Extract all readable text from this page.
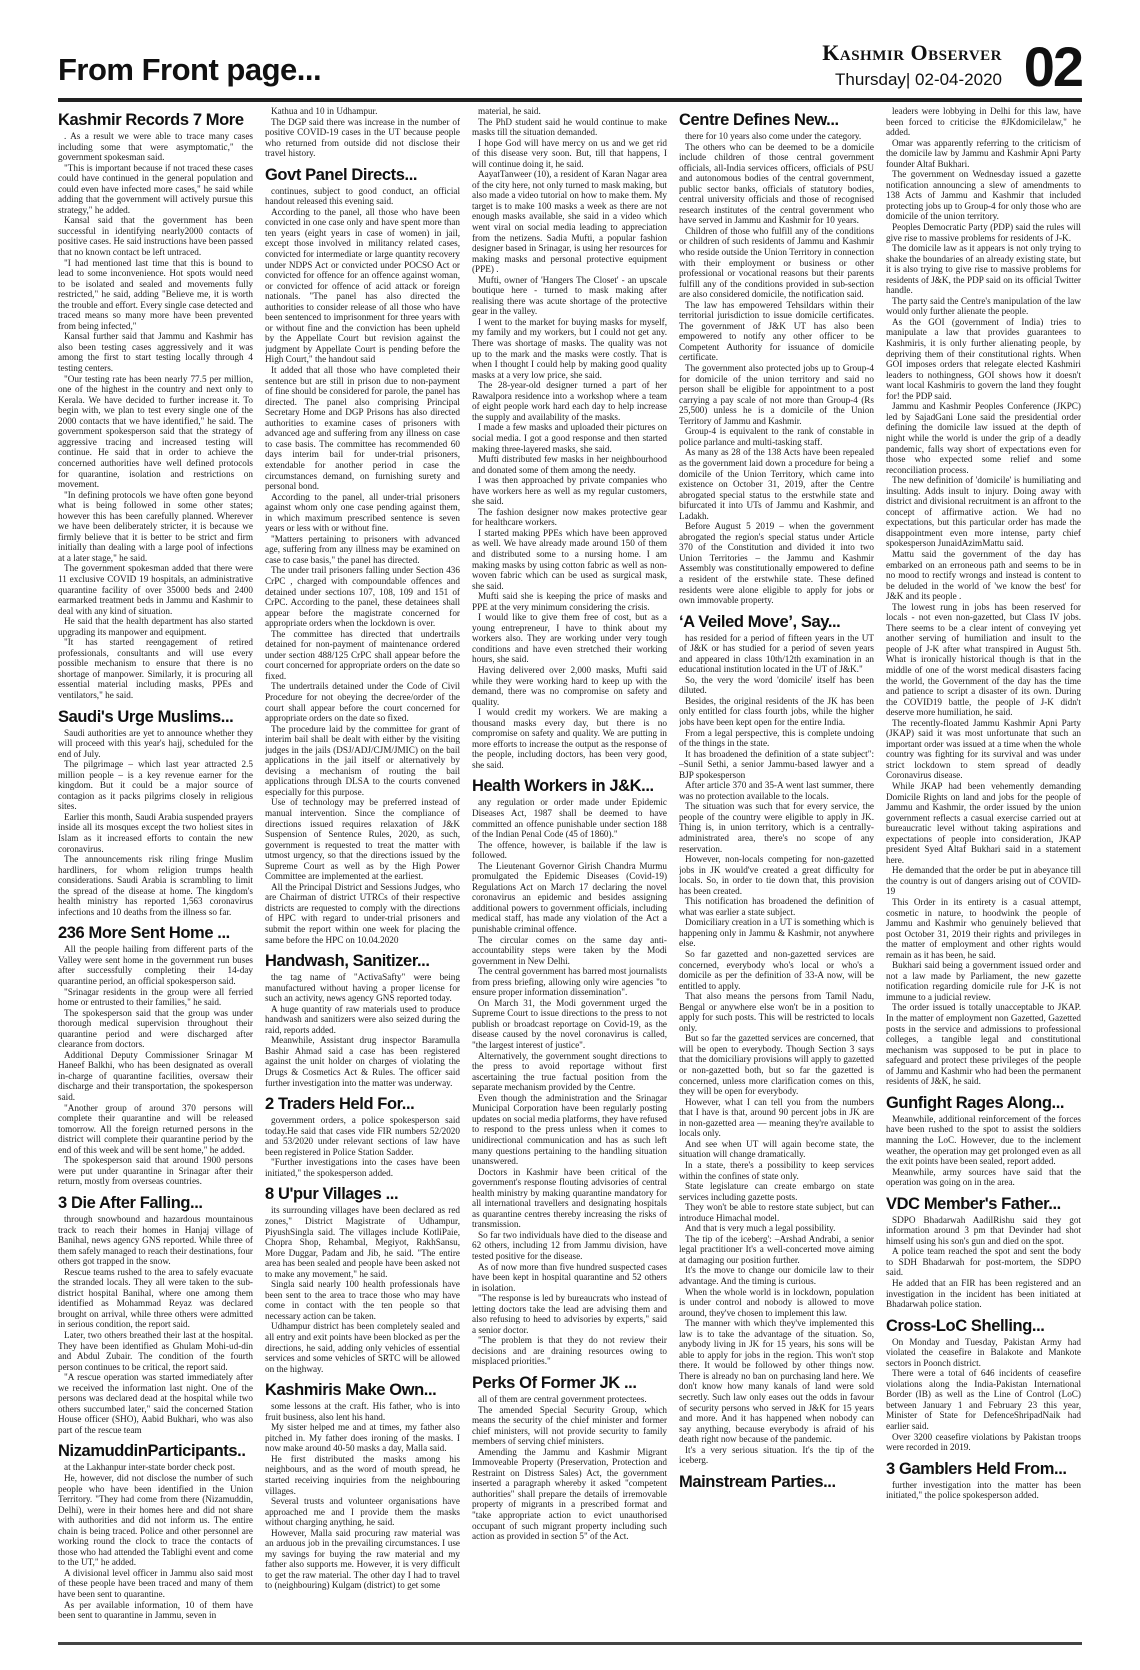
From Front page...	Kashmir Observer
Thursday| 02-04-2020 02
Kashmir Records 7 More

. As a result we were able to trace many cases including some that were asymptomatic," the government spokesman said.

"This is important because if not traced these cases could have continued in the general population and could even have infected more cases," he said while adding that the government will actively pursue this strategy," he added.

Kansal said that the government has been successful in identifying nearly2000 contacts of positive cases. He said instructions have been passed that no known contact be left untraced.

"I had mentioned last time that this is bound to lead to some inconvenience. Hot spots would need to be isolated and sealed and movements fully restricted," he said, adding "Believe me, it is worth the trouble and effort. Every single case detected and traced means so many more have been prevented from being infected,"

Kansal further said that Jammu and Kashmir has also been testing cases aggressively and it was among the first to start testing locally through 4 testing centers.

"Our testing rate has been nearly 77.5 per million, one of the highest in the country and next only to Kerala. We have decided to further increase it. To begin with, we plan to test every single one of the 2000 contacts that we have identified," he said. The government spokesperson said that the strategy of aggressive tracing and increased testing will continue. He said that in order to achieve the concerned authorities have well defined protocols for quarantine, isolation and restrictions on movement.

"In defining protocols we have often gone beyond what is being followed in some other states; however this has been carefully planned. Wherever we have been deliberately stricter, it is because we firmly believe that it is better to be strict and firm initially than dealing with a large pool of infections at a later stage," he said.

The government spokesman added that there were 11 exclusive COVID 19 hospitals, an administrative quarantine facility of over 35000 beds and 2400 earmarked treatment beds in Jammu and Kashmir to deal with any kind of situation.

He said that the health department has also started upgrading its manpower and equipment.

"It has started reengagement of retired professionals, consultants and will use every possible mechanism to ensure that there is no shortage of manpower. Similarly, it is procuring all essential material including masks, PPEs and ventilators," he said.

Saudi's Urge Muslims...

Saudi authorities are yet to announce whether they will proceed with this year's hajj, scheduled for the end of July.

The pilgrimage – which last year attracted 2.5 million people – is a key revenue earner for the kingdom. But it could be a major source of contagion as it packs pilgrims closely in religious sites.

Earlier this month, Saudi Arabia suspended prayers inside all its mosques except the two holiest sites in Islam as it increased efforts to contain the new coronavirus.

The announcements risk riling fringe Muslim hardliners, for whom religion trumps health considerations. Saudi Arabia is scrambling to limit the spread of the disease at home. The kingdom's health ministry has reported 1,563 coronavirus infections and 10 deaths from the illness so far.

236 More Sent Home ...

All the people hailing from different parts of the Valley were sent home in the government run buses after successfully completing their 14-day quarantine period, an official spokesperson said.

"Srinagar residents in the group were all ferried home or entrusted to their families," he said.

The spokesperson said that the group was under thorough medical supervision throughout their quarantine period and were discharged after clearance from doctors.

Additional Deputy Commissioner Srinagar M Haneef Balkhi, who has been designated as overall in-charge of quarantine facilities, oversaw their discharge and their transportation, the spokesperson said.

"Another group of around 370 persons will complete their quarantine and will be released tomorrow. All the foreign returned persons in the district will complete their quarantine period by the end of this week and will be sent home," he added.

The spokesperson said that around 1900 persons were put under quarantine in Srinagar after their return, mostly from overseas countries.

3 Die After Falling...

through snowbound and hazardous mountainous track to reach their homes in Hanjaj village of Banihal, news agency GNS reported. While three of them safely managed to reach their destinations, four others got trapped in the snow.

Rescue teams rushed to the area to safely evacuate the stranded locals. They all were taken to the sub-district hospital Banihal, where one among them identified as Mohammad Reyaz was declared brought on arrival, while three others were admitted in serious condition, the report said.

Later, two others breathed their last at the hospital. They have been identified as Ghulam Mohi-ud-din and Abdul Zubair. The condition of the fourth person continues to be critical, the report said.

"A rescue operation was started immediately after we received the information last night. One of the persons was declared dead at the hospital while two others succumbed later," said the concerned Station House officer (SHO), Aabid Bukhari, who was also part of the rescue team

NizamuddinParticipants..

at the Lakhanpur inter-state border check post.

He, however, did not disclose the number of such people who have been identified in the Union Territory. "They had come from there (Nizamuddin, Delhi), were in their homes here and did not share with authorities and did not inform us. The entire chain is being traced. Police and other personnel are working round the clock to trace the contacts of those who had attended the Tablighi event and come to the UT," he added.

A divisional level officer in Jammu also said most of these people have been traced and many of them have been sent to quarantine.

As per available information, 10 of them have been sent to quarantine in Jammu, seven in

Kathua and 10 in Udhampur.

The DGP said there was increase in the number of positive COVID-19 cases in the UT because people who returned from outside did not disclose their travel history.

Govt Panel Directs...

continues, subject to good conduct, an official handout released this evening said.

According to the panel, all those who have been convicted in one case only and have spent more than ten years (eight years in case of women) in jail, except those involved in militancy related cases, convicted for intermediate or large quantity recovery under NDPS Act or convicted under POCSO Act or convicted for offence for an offence against woman, or convicted for offence of acid attack or foreign nationals. "The panel has also directed the authorities to consider release of all those who have been sentenced to imprisonment for three years with or without fine and the conviction has been upheld by the Appellate Court but revision against the judgment by Appellate Court is pending before the High Court," the handout said

It added that all those who have completed their sentence but are still in prison due to non-payment of fine should be considered for parole, the panel has directed. The panel also comprising Principal Secretary Home and DGP Prisons has also directed authorities to examine cases of prisoners with advanced age and suffering from any illness on case to case basis. The committee has recommended 60 days interim bail for under-trial prisoners, extendable for another period in case the circumstances demand, on furnishing surety and personal bond.

According to the panel, all under-trial prisoners against whom only one case pending against them, in which maximum prescribed sentence is seven years or less with or without fine.

"Matters pertaining to prisoners with advanced age, suffering from any illness may be examined on case to case basis," the panel has directed.

The under trail prisoners falling under Section 436 CrPC , charged with compoundable offences and detained under sections 107, 108, 109 and 151 of CrPC. According to the panel, these detainees shall appear before the magistrate concerned for appropriate orders when the lockdown is over.

The committee has directed that undertrails detained for non-payment of maintenance ordered under section 488/125 CrPC shall appear before the court concerned for appropriate orders on the date so fixed.

The undertrails detained under the Code of Civil Procedure for not obeying the decree/order of the court shall appear before the court concerned for appropriate orders on the date so fixed.

The procedure laid by the committee for grant of interim bail shall be dealt with either by the visiting judges in the jails (DSJ/ADJ/CJM/JMIC) on the bail applications in the jail itself or alternatively by devising a mechanism of routing the bail applications through DLSA to the courts convened especially for this purpose.

Use of technology may be preferred instead of manual intervention. Since the compliance of directions issued requires relaxation of J&K Suspension of Sentence Rules, 2020, as such, government is requested to treat the matter with utmost urgency, so that the directions issued by the Supreme Court as well as by the High Power Committee are implemented at the earliest.

All the Principal District and Sessions Judges, who are Chairman of district UTRCs of their respective districts are requested to comply with the directions of HPC with regard to under-trial prisoners and submit the report within one week for placing the same before the HPC on 10.04.2020

Handwash, Sanitizer...

the tag name of "ActivaSafty" were being manufactured without having a proper license for such an activity, news agency GNS reported today.

A huge quantity of raw materials used to produce handwash and sanitizers were also seized during the raid, reports added.

Meanwhile, Assistant drug inspector Baramulla Bashir Ahmad said a case has been registered against the unit holder on charges of violating the Drugs & Cosmetics Act & Rules. The officer said further investigation into the matter was underway.

2 Traders Held For...

government orders, a police spokesperson said today.He said that cases vide FIR numbers 52/2020 and 53/2020 under relevant sections of law have been registered in Police Station Sadder.

"Further investigations into the cases have been initiated," the spokesperson added.

8 U'pur Villages ...

its surrounding villages have been declared as red zones," District Magistrate of Udhampur, PiyushSingla said. The villages include KotliPaie, Chopra Shop, Rehambal, Megiyot, RakhSansu, More Duggar, Padam and Jib, he said. "The entire area has been sealed and people have been asked not to make any movement," he said.

Singla said nearly 100 health professionals have been sent to the area to trace those who may have come in contact with the ten people so that necessary action can be taken.

Udhampur district has been completely sealed and all entry and exit points have been blocked as per the directions, he said, adding only vehicles of essential services and some vehicles of SRTC will be allowed on the highway.

Kashmiris Make Own...

some lessons at the craft. His father, who is into fruit business, also lent his hand.

My sister helped me and at times, my father also pitched in. My father does ironing of the masks. I now make around 40-50 masks a day, Malla said.

He first distributed the masks among his neighbours, and as the word of mouth spread, he started receiving inquiries from the neighbouring villages.

Several trusts and volunteer organisations have approached me and I provide them the masks without charging anything, he said.

However, Malla said procuring raw material was an arduous job in the prevailing circumstances. I use my savings for buying the raw material and my father also supports me. However, it is very difficult to get the raw material. The other day I had to travel to (neighbouring) Kulgam (district) to get some

material, he said.

The PhD student said he would continue to make masks till the situation demanded.

I hope God will have mercy on us and we get rid of this disease very soon. But, till that happens, I will continue doing it, he said.

AayatTanweer (10), a resident of Karan Nagar area of the city here, not only turned to mask making, but also made a video tutorial on how to make them. My target is to make 100 masks a week as there are not enough masks available, she said in a video which went viral on social media leading to appreciation from the netizens. Sadia Mufti, a popular fashion designer based in Srinagar, is using her resources for making masks and personal protective equipment (PPE) .

Mufti, owner of 'Hangers The Closet' - an upscale boutique here - turned to mask making after realising there was acute shortage of the protective gear in the valley.

I went to the market for buying masks for myself, my family and my workers, but I could not get any. There was shortage of masks. The quality was not up to the mark and the masks were costly. That is when I thought I could help by making good quality masks at a very low price, she said.

The 28-year-old designer turned a part of her Rawalpora residence into a workshop where a team of eight people work hard each day to help increase the supply and availability of the masks.

I made a few masks and uploaded their pictures on social media. I got a good response and then started making three-layered masks, she said.

Mufti distributed few masks in her neighbourhood and donated some of them among the needy.

I was then approached by private companies who have workers here as well as my regular customers, she said.

The fashion designer now makes protective gear for healthcare workers.

I started making PPEs which have been approved as well. We have already made around 150 of them and distributed some to a nursing home. I am making masks by using cotton fabric as well as non-woven fabric which can be used as surgical mask, she said.

Mufti said she is keeping the price of masks and PPE at the very minimum considering the crisis.

I would like to give them free of cost, but as a young entrepreneur, I have to think about my workers also. They are working under very tough conditions and have even stretched their working hours, she said.

Having delivered over 2,000 masks, Mufti said while they were working hard to keep up with the demand, there was no compromise on safety and quality.

I would credit my workers. We are making a thousand masks every day, but there is no compromise on safety and quality. We are putting in more efforts to increase the output as the response of the people, including doctors, has been very good, she said.

Health Workers in J&K...

any regulation or order made under Epidemic Diseases Act, 1987 shall be deemed to have committed an offence punishable under section 188 of the Indian Penal Code (45 of 1860)."

The offence, however, is bailable if the law is followed.

The Lieutenant Governor Girish Chandra Murmu promulgated the Epidemic Diseases (Covid-19) Regulations Act on March 17 declaring the novel coronavirus an epidemic and besides assigning additional powers to government officials, including medical staff, has made any violation of the Act a punishable criminal offence.

The circular comes on the same day anti-accountability steps were taken by the Modi government in New Delhi.

The central government has barred most journalists from press briefing, allowing only wire agencies "to ensure proper information dissemination".

On March 31, the Modi government urged the Supreme Court to issue directions to the press to not publish or broadcast reportage on Covid-19, as the disease caused by the novel coronavirus is called, "the largest interest of justice".

Alternatively, the government sought directions to the press to avoid reportage without first ascertaining the true factual position from the separate mechanism provided by the Centre.

Even though the administration and the Srinagar Municipal Corporation have been regularly posting updates on social media platforms, they have refused to respond to the press unless when it comes to unidirectional communication and has as such left many questions pertaining to the handling situation unanswered.

Doctors in Kashmir have been critical of the government's response flouting advisories of central health ministry by making quarantine mandatory for all international travellers and designating hospitals as quarantine centres thereby increasing the risks of transmission.

So far two individuals have died to the disease and 62 others, including 12 from Jammu division, have tested positive for the disease.

As of now more than five hundred suspected cases have been kept in hospital quarantine and 52 others in isolation.

"The response is led by bureaucrats who instead of letting doctors take the lead are advising them and also refusing to heed to advisories by experts," said a senior doctor.

"The problem is that they do not review their decisions and are draining resources owing to misplaced priorities."

Perks Of Former JK ...

all of them are central government protectees.

The amended Special Security Group, which means the security of the chief minister and former chief ministers, will not provide security to family members of serving chief ministers.

Amending the Jammu and Kashmir Migrant Immoveable Property (Preservation, Protection and Restraint on Distress Sales) Act, the government inserted a paragraph whereby it asked "competent authorities" shall prepare the details of irremovable property of migrants in a prescribed format and "take appropriate action to evict unauthorised occupant of such migrant property including such action as provided in section 5" of the Act.

Centre Defines New...

there for 10 years also come under the category.

The others who can be deemed to be a domicile include children of those central government officials, all-India services officers, officials of PSU and autonomous bodies of the central government, public sector banks, officials of statutory bodies, central university officials and those of recognised research institutes of the central government who have served in Jammu and Kashmir for 10 years.

Children of those who fulfill any of the conditions or children of such residents of Jammu and Kashmir who reside outside the Union Territory in connection with their employment or business or other professional or vocational reasons but their parents fulfill any of the conditions provided in sub-section are also considered domicile, the notification said.

The law has empowered Tehsildars within their territorial jurisdiction to issue domicile certificates. The government of J&K UT has also been empowered to notify any other officer to be Competent Authority for issuance of domicile certificate.

The government also protected jobs up to Group-4 for domicile of the union territory and said no person shall be eligible for appointment to a post carrying a pay scale of not more than Group-4 (Rs 25,500) unless he is a domicile of the Union Territory of Jammu and Kashmir.

Group-4 is equivalent to the rank of constable in police parlance and multi-tasking staff.

As many as 28 of the 138 Acts have been repealed as the government laid down a procedure for being a domicile of the Union Territory, which came into existence on October 31, 2019, after the Centre abrogated special status to the erstwhile state and bifurcated it into UTs of Jammu and Kashmir, and Ladakh.

Before August 5 2019 – when the government abrogated the region's special status under Article 370 of the Constitution and divided it into two Union Territories – the Jammu and Kashmir Assembly was constitutionally empowered to define a resident of the erstwhile state. These defined residents were alone eligible to apply for jobs or own immovable property.

‘A Veiled Move’, Say...

has resided for a period of fifteen years in the UT of J&K or has studied for a period of seven years and appeared in class 10th/12th examination in an educational institution located in the UT of J&K."

So, the very the word 'domicile' itself has been diluted.

Besides, the original residents of the JK has been only entitled for class fourth jobs, while the higher jobs have been kept open for the entire India.

From a legal perspective, this is complete undoing of the things in the state.

It has broadened the definition of a state subject": –Sunil Sethi, a senior Jammu-based lawyer and a BJP spokesperson

After article 370 and 35-A went last summer, there was no protection available to the locals.

The situation was such that for every service, the people of the country were eligible to apply in JK. Thing is, in union territory, which is a centrally-administrated area, there's no scope of any reservation.

However, non-locals competing for non-gazetted jobs in JK would've created a great difficulty for locals. So, in order to tie down that, this provision has been created.

This notification has broadened the definition of what was earlier a state subject.

Domiciliary creation in a UT is something which is happening only in Jammu & Kashmir, not anywhere else.

So far gazetted and non-gazetted services are concerned, everybody who's local or who's a domicile as per the definition of 33-A now, will be entitled to apply.

That also means the persons from Tamil Nadu, Bengal or anywhere else won't be in a position to apply for such posts. This will be restricted to locals only.

But so far the gazetted services are concerned, that will be open to everybody. Though Section 3 says that the domiciliary provisions will apply to gazetted or non-gazetted both, but so far the gazetted is concerned, unless more clarification comes on this, they will be open for everybody.

However, what I can tell you from the numbers that I have is that, around 90 percent jobs in JK are in non-gazetted area — meaning they're available to locals only.

And see when UT will again become state, the situation will change dramatically.

In a state, there's a possibility to keep services within the confines of state only.

State legislature can create embargo on state services including gazette posts.

They won't be able to restore state subject, but can introduce Himachal model.

And that is very much a legal possibility.

The tip of the iceberg': –Arshad Andrabi, a senior legal practitioner It's a well-concerted move aiming at damaging our position further.

It's the move to change our domicile law to their advantage. And the timing is curious.

When the whole world is in lockdown, population is under control and nobody is allowed to move around, they've chosen to implement this law.

The manner with which they've implemented this law is to take the advantage of the situation. So, anybody living in JK for 15 years, his sons will be able to apply for jobs in the region. This won't stop there. It would be followed by other things now. There is already no ban on purchasing land here. We don't know how many kanals of land were sold secretly. Such law only eases out the odds in favour of security persons who served in J&K for 15 years and more. And it has happened when nobody can say anything, because everybody is afraid of his death right now because of the pandemic.

It's a very serious situation. It's the tip of the iceberg.

Mainstream Parties...

leaders were lobbying in Delhi for this law, have been forced to criticise the #JKdomicilelaw," he added.

Omar was apparently referring to the criticism of the domicile law by Jammu and Kashmir Apni Party founder Altaf Bukhari.

The government on Wednesday issued a gazette notification announcing a slew of amendments to 138 Acts of Jammu and Kashmir that included protecting jobs up to Group-4 for only those who are domicile of the union territory.

Peoples Democratic Party (PDP) said the rules will give rise to massive problems for residents of J-K.

The domicile law as it appears is not only trying to shake the boundaries of an already existing state, but it is also trying to give rise to massive problems for residents of J&K, the PDP said on its official Twitter handle.

The party said the Centre's manipulation of the law would only further alienate the people.

As the GOI (government of India) tries to manipulate a law that provides guarantees to Kashmiris, it is only further alienating people, by depriving them of their constitutional rights. When GOI imposes orders that relegate elected Kashmiri leaders to nothingness, GOI shows how it doesn't want local Kashmiris to govern the land they fought for! the PDP said.

Jammu and Kashmir Peoples Conference (JKPC) led by SajadGani Lone said the presidential order defining the domicile law issued at the depth of night while the world is under the grip of a deadly pandemic, falls way short of expectations even for those who expected some relief and some reconciliation process.

The new definition of 'domicile' is humiliating and insulting. Adds insult to injury. Doing away with district and divisional recruitment is an affront to the concept of affirmative action. We had no expectations, but this particular order has made the disappointment even more intense, party chief spokesperson JunaidAzimMattu said.

Mattu said the government of the day has embarked on an erroneous path and seems to be in no mood to rectify wrongs and instead is content to be deluded in the world of 'we know the best' for J&K and its people .

The lowest rung in jobs has been reserved for locals - not even non-gazetted, but Class IV jobs. There seems to be a clear intent of conveying yet another serving of humiliation and insult to the people of J-K after what transpired in August 5th. What is ironically historical though is that in the middle of one of the worst medical disasters facing the world, the Government of the day has the time and patience to script a disaster of its own. During the COVID19 battle, the people of J-K didn't deserve more humiliation, he said.

The recently-floated Jammu Kashmir Apni Party (JKAP) said it was most unfortunate that such an important order was issued at a time when the whole country was fighting for its survival and was under strict lockdown to stem spread of deadly Coronavirus disease.

While JKAP had been vehemently demanding Domicile Rights on land and jobs for the people of Jammu and Kashmir, the order issued by the union government reflects a casual exercise carried out at bureaucratic level without taking aspirations and expectations of people into consideration, JKAP president Syed Altaf Bukhari said in a statement here.

He demanded that the order be put in abeyance till the country is out of dangers arising out of COVID-19

This Order in its entirety is a casual attempt, cosmetic in nature, to hoodwink the people of Jammu and Kashmir who genuinely believed that post October 31, 2019 their rights and privileges in the matter of employment and other rights would remain as it has been, he said.

Bukhari said being a government issued order and not a law made by Parliament, the new gazette notification regarding domicile rule for J-K is not immune to a judicial review.

The order issued is totally unacceptable to JKAP. In the matter of employment non Gazetted, Gazetted posts in the service and admissions to professional colleges, a tangible legal and constitutional mechanism was supposed to be put in place to safeguard and protect these privileges of the people of Jammu and Kashmir who had been the permanent residents of J&K, he said.

Gunfight Rages Along...

Meanwhile, additional reinforcement of the forces have been rushed to the spot to assist the soldiers manning the LoC. However, due to the inclement weather, the operation may get prolonged even as all the exit points have been sealed, report added.

Meanwhile, army sources have said that the operation was going on in the area.

VDC Member's Father...

SDPO Bhadarwah AadilRishu said they got information around 3 pm that Devinder had shot himself using his son's gun and died on the spot.

A police team reached the spot and sent the body to SDH Bhadarwah for post-mortem, the SDPO said.

He added that an FIR has been registered and an investigation in the incident has been initiated at Bhadarwah police station.

Cross-LoC Shelling...

On Monday and Tuesday, Pakistan Army had violated the ceasefire in Balakote and Mankote sectors in Poonch district.

There were a total of 646 incidents of ceasefire violations along the India-Pakistan International Border (IB) as well as the Line of Control (LoC) between January 1 and February 23 this year, Minister of State for DefenceShripadNaik had earlier said.

Over 3200 ceasefire violations by Pakistan troops were recorded in 2019.

3 Gamblers Held From...

further investigation into the matter has been initiated," the police spokesperson added.
